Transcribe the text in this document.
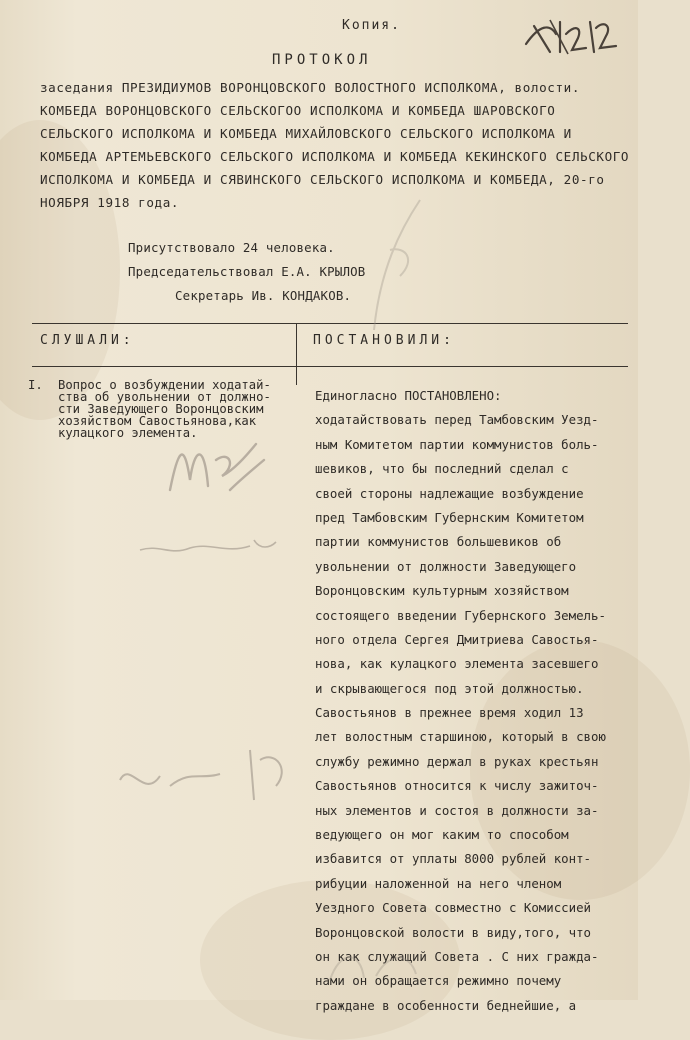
Копия.
ПРОТОКОЛ
заседания ПРЕЗИДИУМОВ ВОРОНЦОВСКОГО ВОЛОСТНОГО ИСПОЛКОМА, волости.
КОМБЕДА ВОРОНЦОВСКОГО СЕЛЬСКОГОО ИСПОЛКОМА И КОМБЕДА ШАРОВСКОГО
СЕЛЬСКОГО ИСПОЛКОМА И КОМБЕДА МИХАЙЛОВСКОГО СЕЛЬСКОГО ИСПОЛКОМА И
КОМБЕДА АРТЕМЬЕВСКОГО СЕЛЬСКОГО ИСПОЛКОМА И КОМБЕДА КЕКИНСКОГО СЕЛЬСКОГО
ИСПОЛКОМА И КОМБЕДА И СЯВИНСКОГО СЕЛЬСКОГО ИСПОЛКОМА И КОМБЕДА, 20-го
НОЯБРЯ 1918 года.
Присутствовало 24 человека.
Председательствовал Е.А. КРЫЛОВ
Секретарь Ив. КОНДАКОВ.
СЛУШАЛИ:	ПОСТАНОВИЛИ:
I. Вопрос о возбуждении ходатай-
ства об увольнении от должно-
сти Заведующего Воронцовским
хозяйством Савостьянова,как
кулацкого элемента.
Единогласно ПОСТАНОВЛЕНО:
ходатайствовать перед Тамбовским Уезд-
ным Комитетом партии коммунистов боль-
шевиков, что бы последний сделал с
своей стороны надлежащие возбуждение
пред Тамбовским Губернским Комитетом
партии коммунистов большевиков об
увольнении от должности Заведующего
Воронцовским культурным хозяйством
состоящего введении Губернского Земель-
ного отдела Сергея Дмитриева Савостья-
нова, как кулацкого элемента засевшего
и скрывающегося под этой должностью.
Савостьянов в прежнее время ходил 13
лет волостным старшиною, который в свою
службу режимно держал в руках крестьян
Савостьянов относится к числу зажиточ-
ных элементов и состоя в должности за-
ведующего он мог каким то способом
избавится от уплаты 8000 рублей конт-
рибуции наложенной на него членом
Уездного Совета совместно с Комиссией
Воронцовской волости в виду,того, что
он как служащий Совета . С них гражда-
нами он обращается режимно почему
граждане в особенности беднейшие, а
